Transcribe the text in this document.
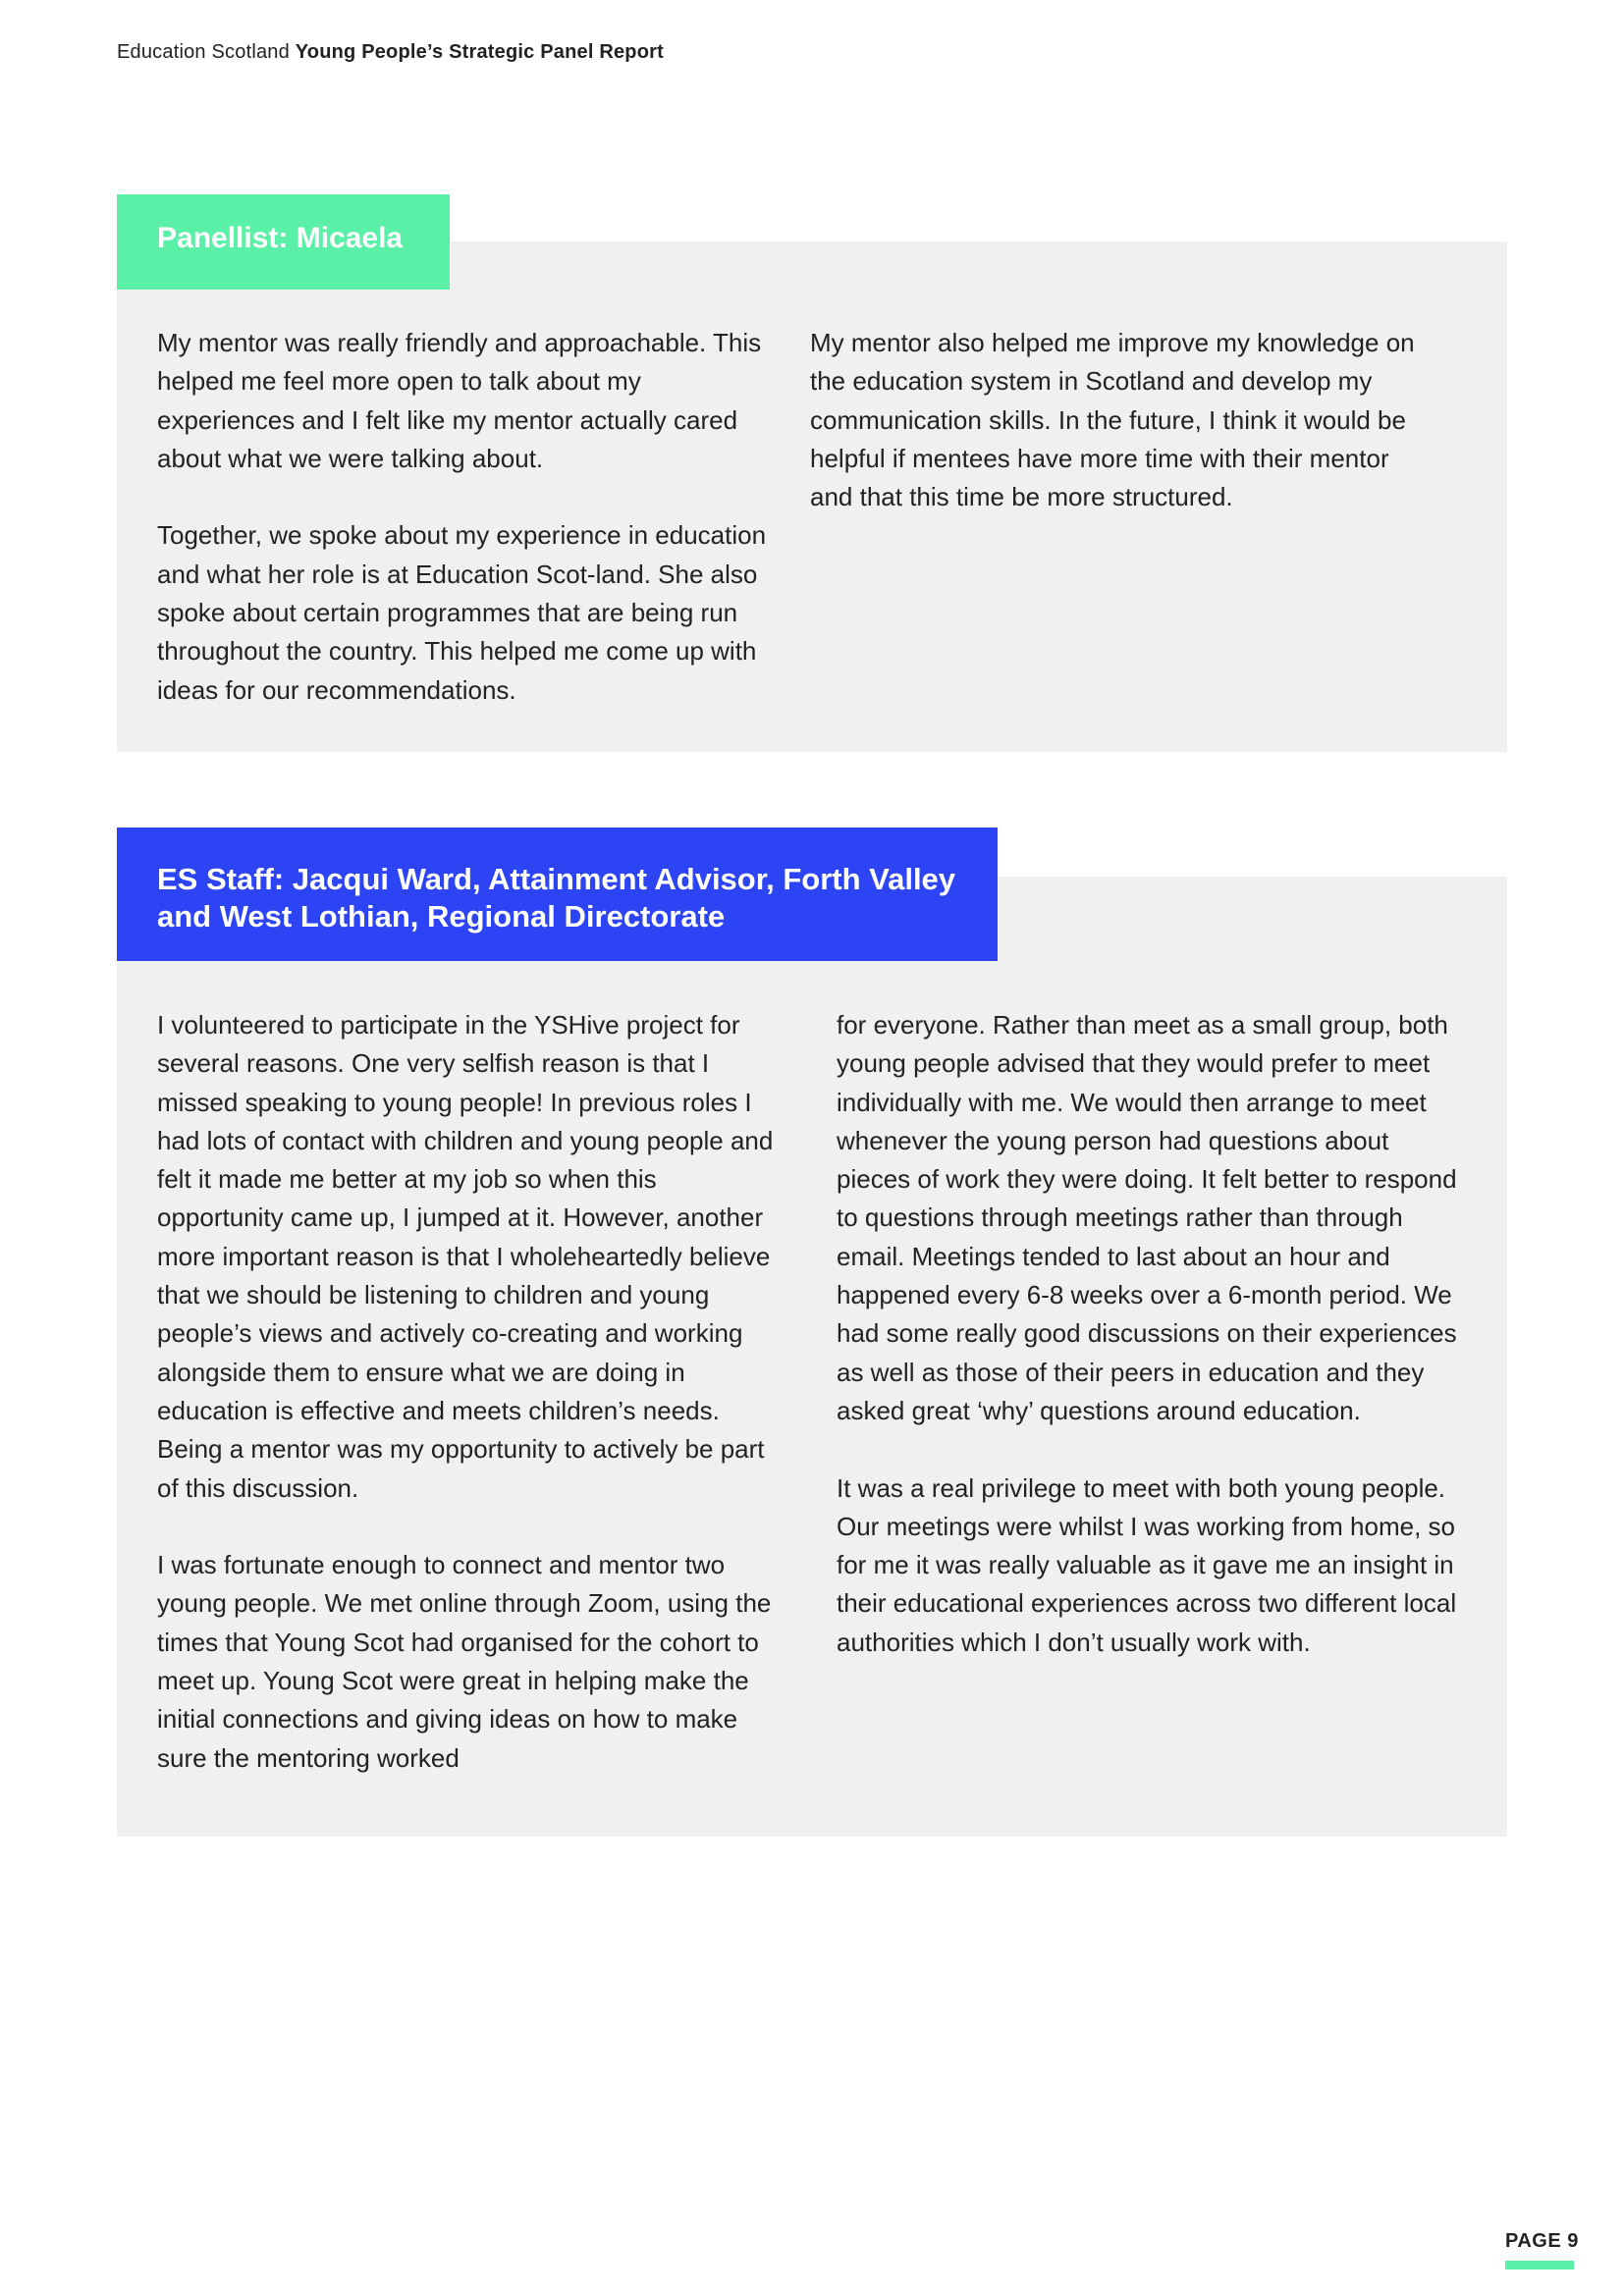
Education Scotland Young People’s Strategic Panel Report
Panellist: Micaela

My mentor was really friendly and approachable. This helped me feel more open to talk about my experiences and I felt like my mentor actually cared about what we were talking about.

Together, we spoke about my experience in education and what her role is at Education Scot-land. She also spoke about certain programmes that are being run throughout the country. This helped me come up with ideas for our recommendations.

My mentor also helped me improve my knowledge on the education system in Scotland and develop my communication skills. In the future, I think it would be helpful if mentees have more time with their mentor and that this time be more structured.

ES Staff: Jacqui Ward, Attainment Advisor, Forth Valley
and West Lothian, Regional Directorate

I volunteered to participate in the YSHive project for several reasons. One very selfish reason is that I missed speaking to young people! In previous roles I had lots of contact with children and young people and felt it made me better at my job so when this opportunity came up, I jumped at it. However, another more important reason is that I wholeheartedly believe that we should be listening to children and young people’s views and actively co-creating and working alongside them to ensure what we are doing in education is effective and meets children’s needs. Being a mentor was my opportunity to actively be part of this discussion.

I was fortunate enough to connect and mentor two young people. We met online through Zoom, using the times that Young Scot had organised for the cohort to meet up. Young Scot were great in helping make the initial connections and giving ideas on how to make sure the mentoring worked

for everyone. Rather than meet as a small group, both young people advised that they would prefer to meet individually with me. We would then arrange to meet whenever the young person had questions about pieces of work they were doing. It felt better to respond to questions through meetings rather than through email. Meetings tended to last about an hour and happened every 6-8 weeks over a 6-month period. We had some really good discussions on their experiences as well as those of their peers in education and they asked great ‘why’ questions around education.

It was a real privilege to meet with both young people. Our meetings were whilst I was working from home, so for me it was really valuable as it gave me an insight in their educational experiences across two different local authorities which I don’t usually work with.

PAGE 9
